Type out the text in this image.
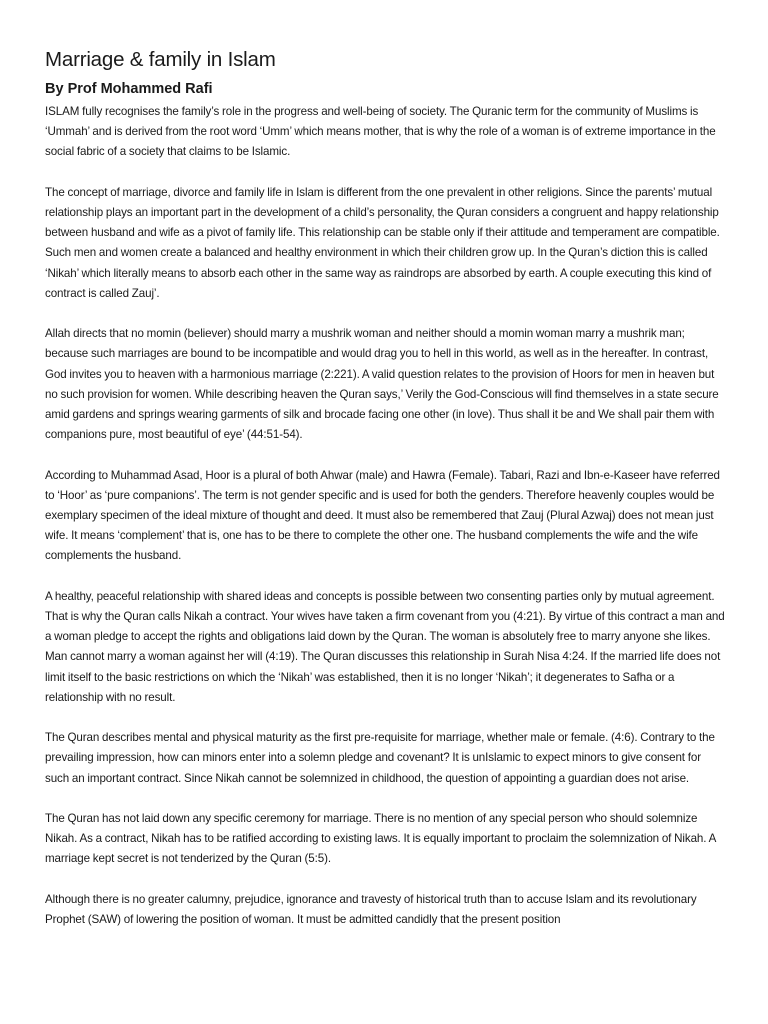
Marriage & family in Islam
By Prof Mohammed Rafi

ISLAM fully recognises the family’s role in the progress and well-being of society. The Quranic term for the community of Muslims is ‘Ummah’ and is derived from the root word ‘Umm’ which means mother, that is why the role of a woman is of extreme importance in the social fabric of a society that claims to be Islamic.

The concept of marriage, divorce and family life in Islam is different from the one prevalent in other religions. Since the parents’ mutual relationship plays an important part in the development of a child’s personality, the Quran considers a congruent and happy relationship between husband and wife as a pivot of family life. This relationship can be stable only if their attitude and temperament are compatible. Such men and women create a balanced and healthy environment in which their children grow up. In the Quran’s diction this is called ‘Nikah’ which literally means to absorb each other in the same way as raindrops are absorbed by earth. A couple executing this kind of contract is called Zauj’.

Allah directs that no momin (believer) should marry a mushrik woman and neither should a momin woman marry a mushrik man; because such marriages are bound to be incompatible and would drag you to hell in this world, as well as in the hereafter. In contrast, God invites you to heaven with a harmonious marriage (2:221). A valid question relates to the provision of Hoors for men in heaven but no such provision for women. While describing heaven the Quran says,’ Verily the God-Conscious will find themselves in a state secure amid gardens and springs wearing garments of silk and brocade facing one other (in love). Thus shall it be and We shall pair them with companions pure, most beautiful of eye’ (44:51-54).

According to Muhammad Asad, Hoor is a plural of both Ahwar (male) and Hawra (Female). Tabari, Razi and Ibn-e-Kaseer have referred to ‘Hoor’ as ‘pure companions’. The term is not gender specific and is used for both the genders. Therefore heavenly couples would be exemplary specimen of the ideal mixture of thought and deed. It must also be remembered that Zauj (Plural Azwaj) does not mean just wife. It means ‘complement’ that is, one has to be there to complete the other one. The husband complements the wife and the wife complements the husband.

A healthy, peaceful relationship with shared ideas and concepts is possible between two consenting parties only by mutual agreement. That is why the Quran calls Nikah a contract. Your wives have taken a firm covenant from you (4:21). By virtue of this contract a man and a woman pledge to accept the rights and obligations laid down by the Quran. The woman is absolutely free to marry anyone she likes. Man cannot marry a woman against her will (4:19). The Quran discusses this relationship in Surah Nisa 4:24. If the married life does not limit itself to the basic restrictions on which the ‘Nikah’ was established, then it is no longer ‘Nikah’; it degenerates to Safha or a relationship with no result.

The Quran describes mental and physical maturity as the first pre-requisite for marriage, whether male or female. (4:6). Contrary to the prevailing impression, how can minors enter into a solemn pledge and covenant? It is unIslamic to expect minors to give consent for such an important contract. Since Nikah cannot be solemnized in childhood, the question of appointing a guardian does not arise.

The Quran has not laid down any specific ceremony for marriage. There is no mention of any special person who should solemnize Nikah. As a contract, Nikah has to be ratified according to existing laws. It is equally important to proclaim the solemnization of Nikah. A marriage kept secret is not tenderized by the Quran (5:5).

Although there is no greater calumny, prejudice, ignorance and travesty of historical truth than to accuse Islam and its revolutionary Prophet (SAW) of lowering the position of woman. It must be admitted candidly that the present position
